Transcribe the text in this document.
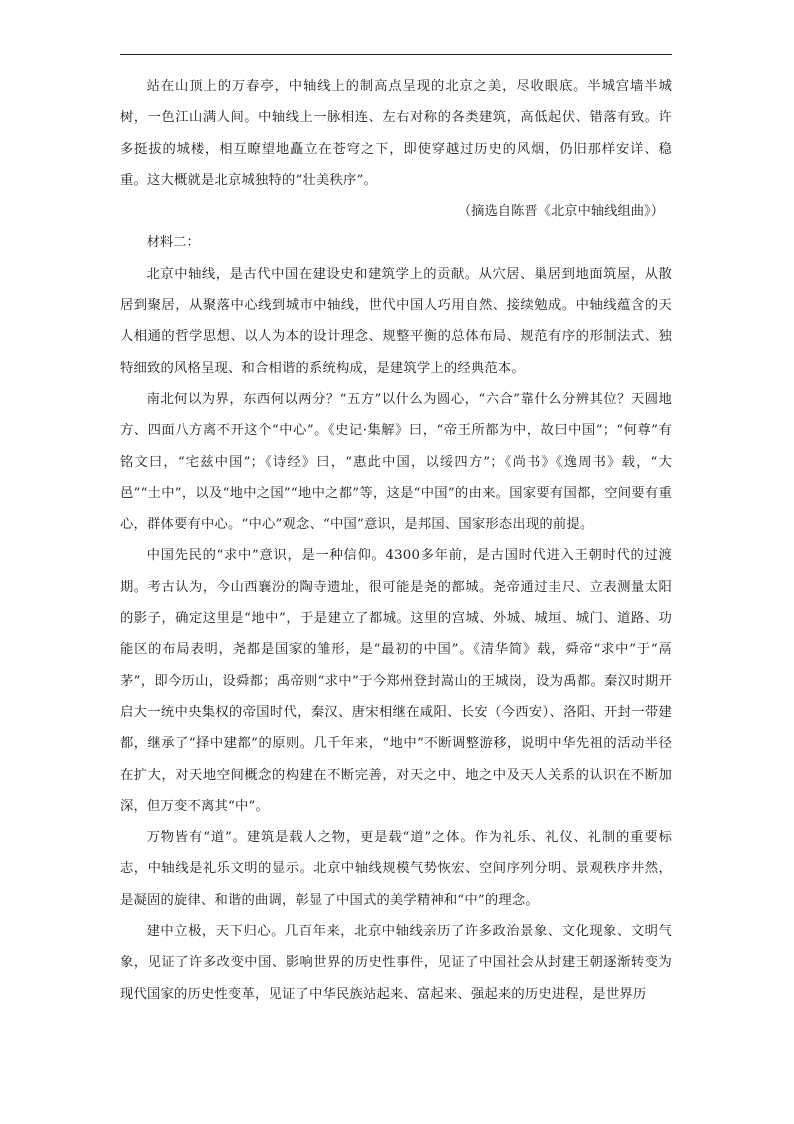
站在山顶上的万春亭，中轴线上的制高点呈现的北京之美，尽收眼底。半城宫墙半城树，一色江山满人间。中轴线上一脉相连、左右对称的各类建筑，高低起伏、错落有致。许多挺拔的城楼，相互瞭望地矗立在苍穹之下，即使穿越过历史的风烟，仍旧那样安详、稳重。这大概就是北京城独特的“壮美秩序”。

（摘选自陈晋《北京中轴线组曲》）

材料二：

北京中轴线，是古代中国在建设史和建筑学上的贡献。从穴居、巢居到地面筑屋，从散居到聚居，从聚落中心线到城市中轴线，世代中国人巧用自然、接续勉成。中轴线蕴含的天人相通的哲学思想、以人为本的设计理念、规整平衡的总体布局、规范有序的形制法式、独特细致的风格呈现、和合相谐的系统构成，是建筑学上的经典范本。

南北何以为界，东西何以两分？“五方”以什么为圆心，“六合”靠什么分辨其位？天圆地方、四面八方离不开这个“中心”。《史记·集解》曰，“帝王所都为中，故曰中国”；“何尊”有铭文曰，“宅兹中国”；《诗经》曰，“惠此中国，以绥四方”；《尚书》《逸周书》载，“大邑”“土中”，以及“地中之国”“地中之都”等，这是“中国”的由来。国家要有国都，空间要有重心，群体要有中心。“中心”观念、“中国”意识，是邦国、国家形态出现的前提。

中国先民的“求中”意识，是一种信仰。4300多年前，是古国时代进入王朝时代的过渡期。考古认为，今山西襄汾的陶寺遗址，很可能是尧的都城。尧帝通过圭尺、立表测量太阳的影子，确定这里是“地中”，于是建立了都城。这里的宫城、外城、城垣、城门、道路、功能区的布局表明，尧都是国家的雏形，是“最初的中国”。《清华简》载，舜帝“求中”于“鬲茅”，即今历山，设舜都；禹帝则“求中”于今郑州登封嵩山的王城岗，设为禹都。秦汉时期开启大一统中央集权的帝国时代，秦汉、唐宋相继在咸阳、长安（今西安）、洛阳、开封一带建都，继承了“择中建都”的原则。几千年来，“地中”不断调整游移，说明中华先祖的活动半径在扩大，对天地空间概念的构建在不断完善，对天之中、地之中及天人关系的认识在不断加深，但万变不离其“中”。

万物皆有“道”。建筑是载人之物，更是载“道”之体。作为礼乐、礼仪、礼制的重要标志，中轴线是礼乐文明的显示。北京中轴线规模气势恢宏、空间序列分明、景观秩序井然，是凝固的旋律、和谐的曲调，彰显了中国式的美学精神和“中”的理念。

建中立极，天下归心。几百年来，北京中轴线亲历了许多政治景象、文化现象、文明气象，见证了许多改变中国、影响世界的历史性事件，见证了中国社会从封建王朝逐渐转变为现代国家的历史性变革，见证了中华民族站起来、富起来、强起来的历史进程，是世界历
